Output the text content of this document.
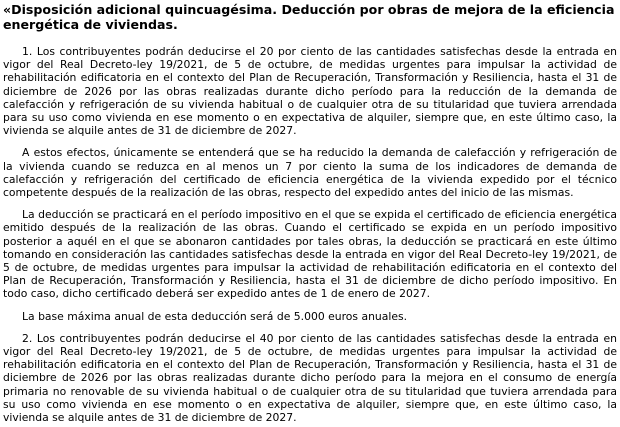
«Disposición adicional quincuagésima. Deducción por obras de mejora de la eficiencia energética de viviendas.

1. Los contribuyentes podrán deducirse el 20 por ciento de las cantidades satisfechas desde la entrada en vigor del Real Decreto-ley 19/2021, de 5 de octubre, de medidas urgentes para impulsar la actividad de rehabilitación edificatoria en el contexto del Plan de Recuperación, Transformación y Resiliencia, hasta el 31 de diciembre de 2026 por las obras realizadas durante dicho período para la reducción de la demanda de calefacción y refrigeración de su vivienda habitual o de cualquier otra de su titularidad que tuviera arrendada para su uso como vivienda en ese momento o en expectativa de alquiler, siempre que, en este último caso, la vivienda se alquile antes de 31 de diciembre de 2027.

A estos efectos, únicamente se entenderá que se ha reducido la demanda de calefacción y refrigeración de la vivienda cuando se reduzca en al menos un 7 por ciento la suma de los indicadores de demanda de calefacción y refrigeración del certificado de eficiencia energética de la vivienda expedido por el técnico competente después de la realización de las obras, respecto del expedido antes del inicio de las mismas.

La deducción se practicará en el período impositivo en el que se expida el certificado de eficiencia energética emitido después de la realización de las obras. Cuando el certificado se expida en un período impositivo posterior a aquél en el que se abonaron cantidades por tales obras, la deducción se practicará en este último tomando en consideración las cantidades satisfechas desde la entrada en vigor del Real Decreto-ley 19/2021, de 5 de octubre, de medidas urgentes para impulsar la actividad de rehabilitación edificatoria en el contexto del Plan de Recuperación, Transformación y Resiliencia, hasta el 31 de diciembre de dicho período impositivo. En todo caso, dicho certificado deberá ser expedido antes de 1 de enero de 2027.

La base máxima anual de esta deducción será de 5.000 euros anuales.

2. Los contribuyentes podrán deducirse el 40 por ciento de las cantidades satisfechas desde la entrada en vigor del Real Decreto-ley 19/2021, de 5 de octubre, de medidas urgentes para impulsar la actividad de rehabilitación edificatoria en el contexto del Plan de Recuperación, Transformación y Resiliencia, hasta el 31 de diciembre de 2026 por las obras realizadas durante dicho período para la mejora en el consumo de energía primaria no renovable de su vivienda habitual o de cualquier otra de su titularidad que tuviera arrendada para su uso como vivienda en ese momento o en expectativa de alquiler, siempre que, en este último caso, la vivienda se alquile antes de 31 de diciembre de 2027.
